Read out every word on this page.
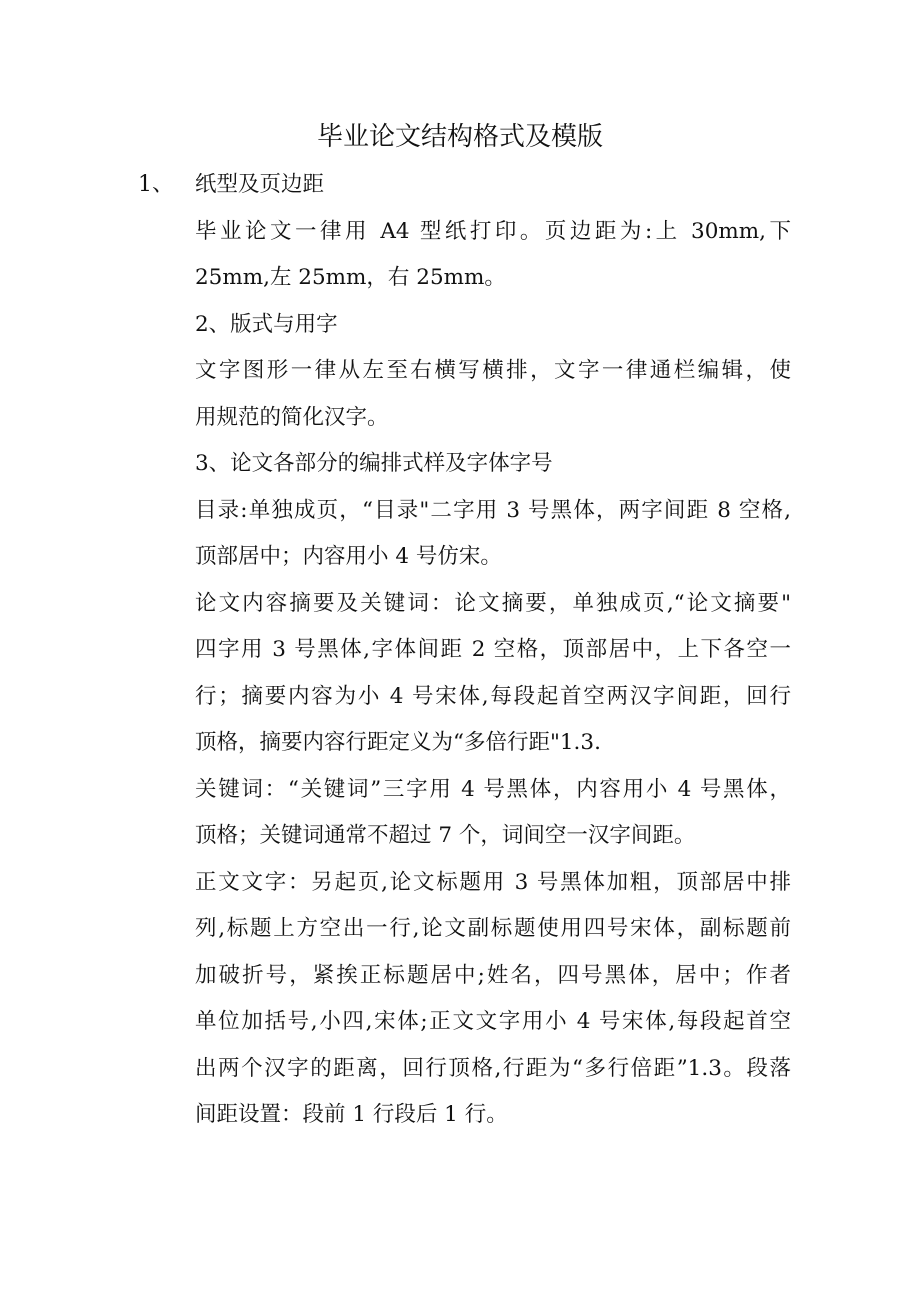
毕业论文结构格式及模版
1、 纸型及页边距
毕业论文一律用 A4 型纸打印。页边距为:上 30mm,下
25mm,左 25mm，右 25mm。
2、版式与用字
文字图形一律从左至右横写横排，文字一律通栏编辑，使
用规范的简化汉字。
3、论文各部分的编排式样及字体字号
目录:单独成页，“目录"二字用 3 号黑体，两字间距 8 空格,
顶部居中；内容用小 4 号仿宋。
论文内容摘要及关键词：论文摘要，单独成页,“论文摘要"
四字用 3 号黑体,字体间距 2 空格，顶部居中，上下各空一
行；摘要内容为小 4 号宋体,每段起首空两汉字间距，回行
顶格，摘要内容行距定义为“多倍行距"1.3.
关键词：“关键词”三字用 4 号黑体，内容用小 4 号黑体，
顶格；关键词通常不超过 7 个，词间空一汉字间距。
正文文字：另起页,论文标题用 3 号黑体加粗，顶部居中排
列,标题上方空出一行,论文副标题使用四号宋体，副标题前
加破折号，紧挨正标题居中;姓名，四号黑体，居中；作者
单位加括号,小四,宋体;正文文字用小 4 号宋体,每段起首空
出两个汉字的距离，回行顶格,行距为“多行倍距”1.3。段落
间距设置：段前 1 行段后 1 行。
